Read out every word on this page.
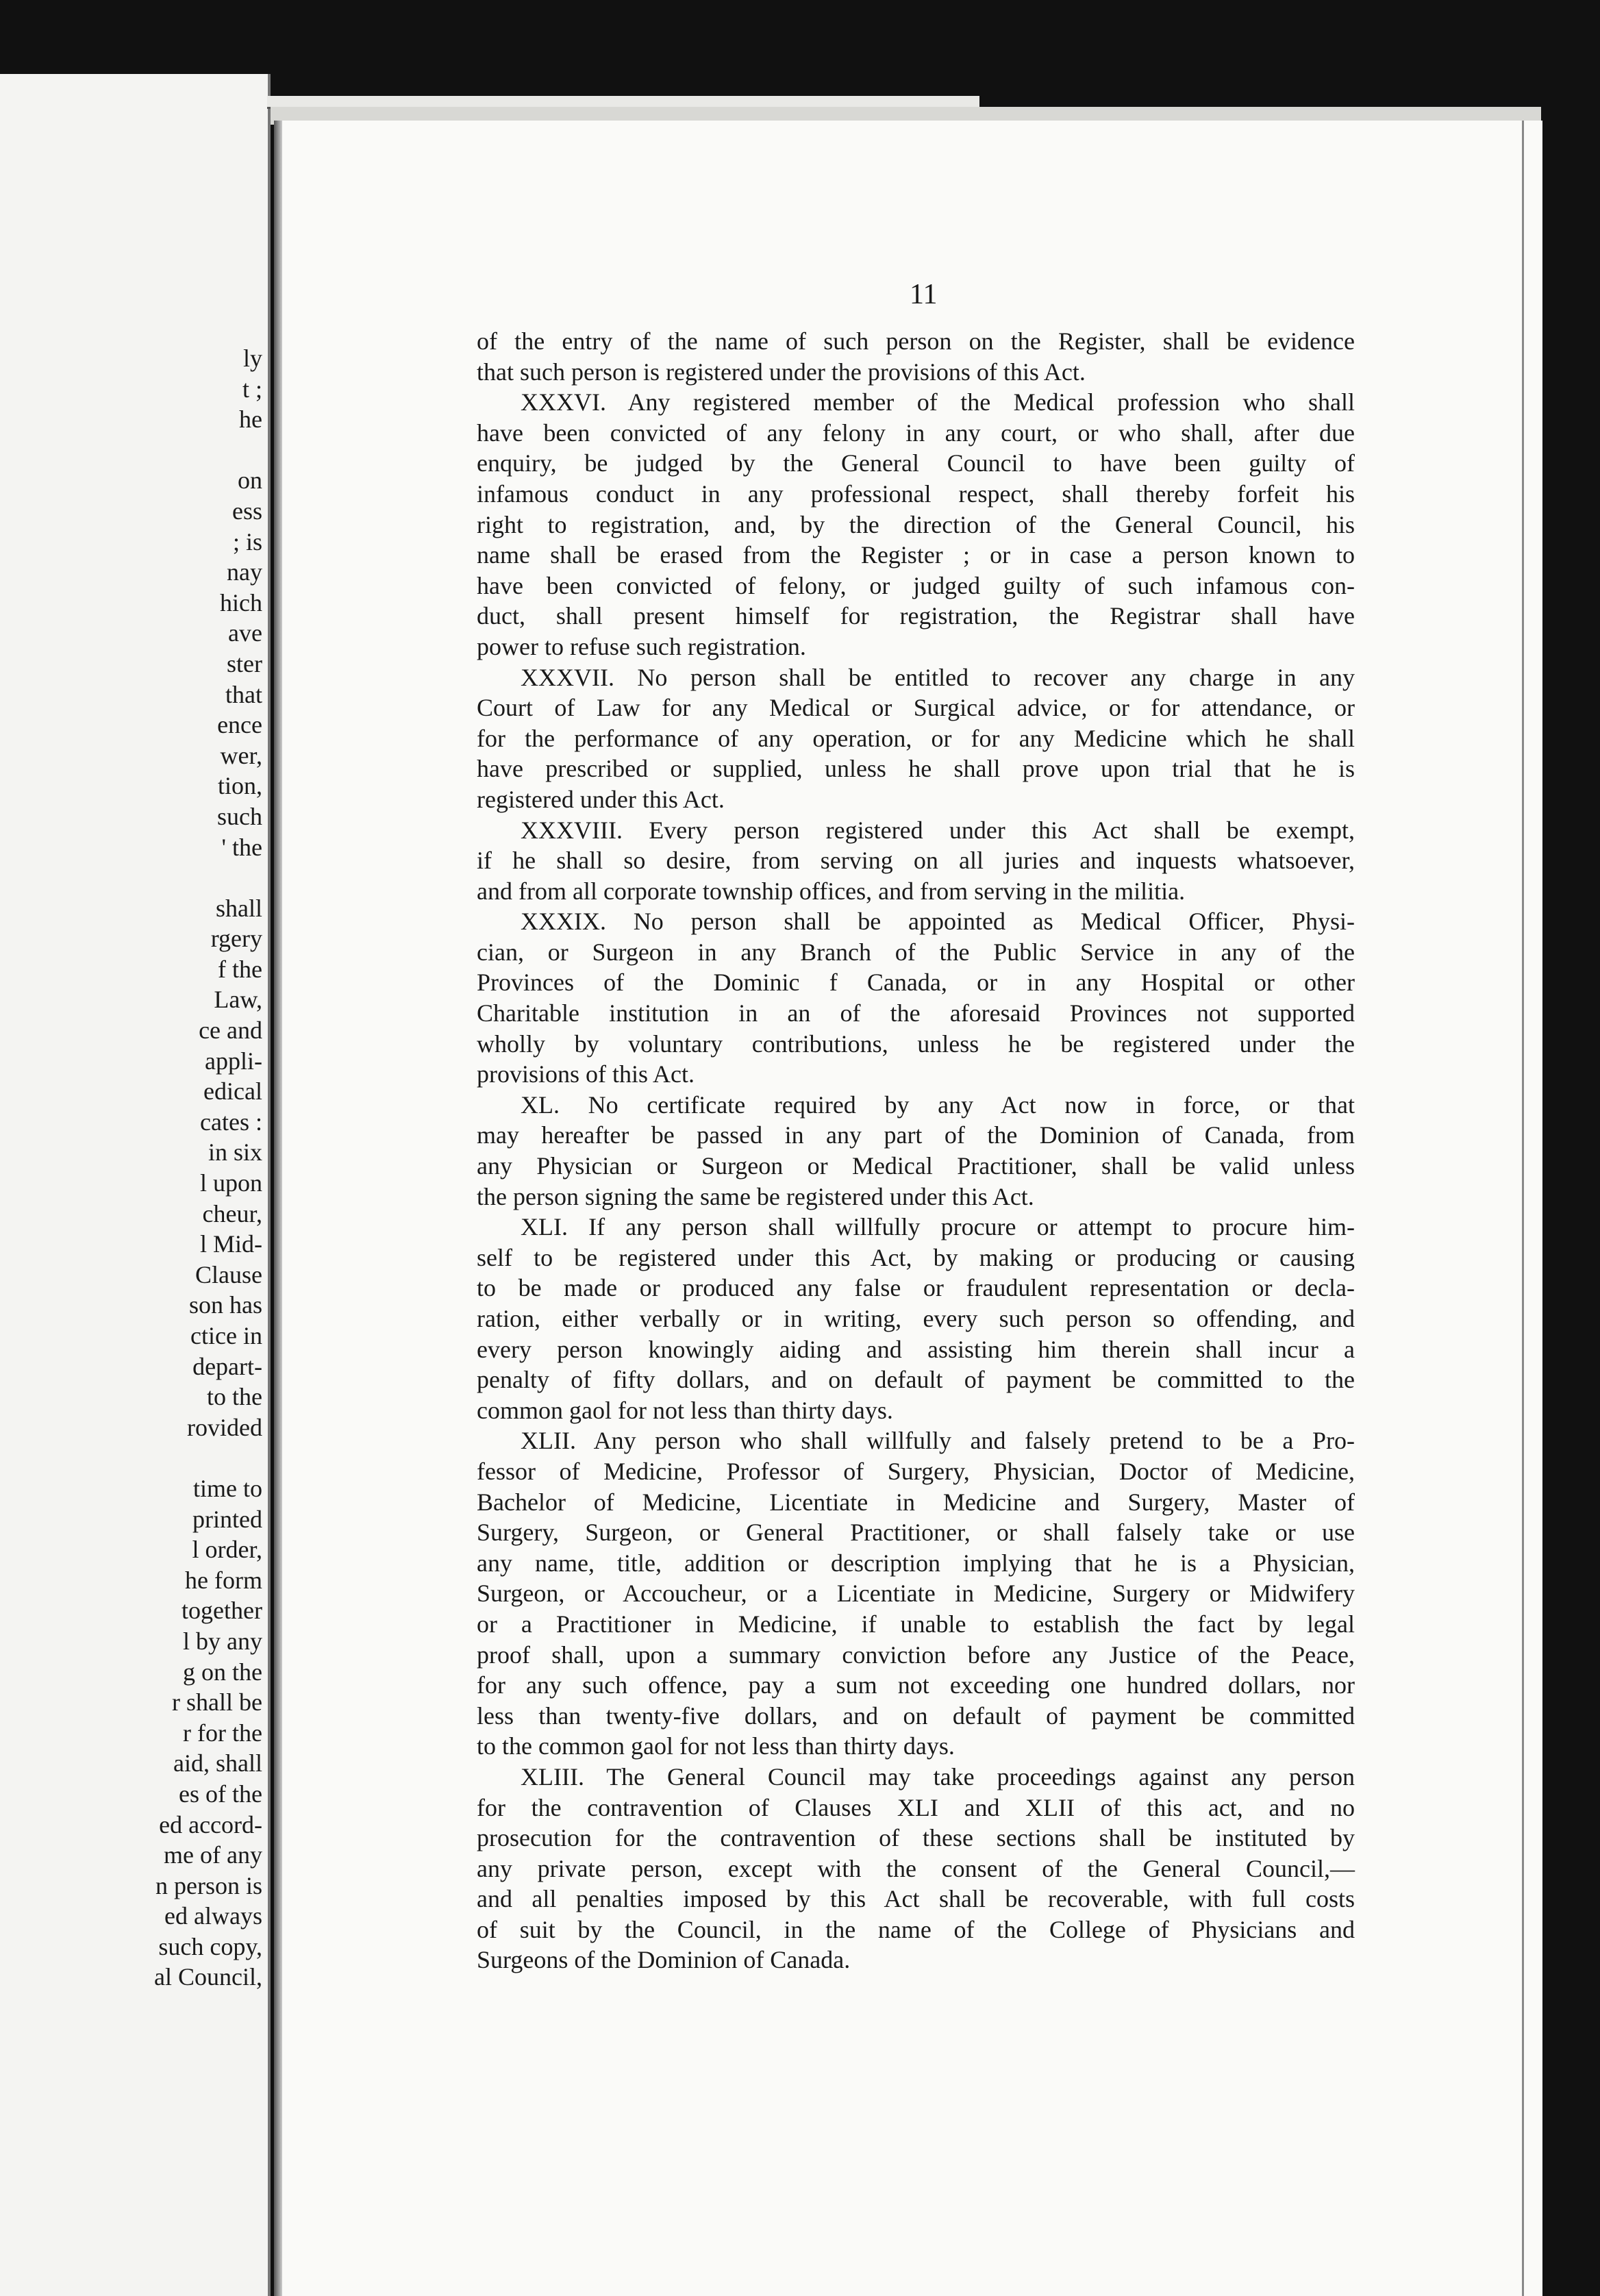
ly
t ;
he
on
ess
; is
nay
hich
ave
ster
that
ence
wer,
tion,
such
' the
shall
rgery
f the
Law,
ce and
appli-
edical
cates :
in six
l upon
cheur,
l Mid-
Clause
son has
ctice in
depart-
to the
rovided
time to
printed
l order,
he form
together
l by any
g on the
r shall be
r for the
aid, shall
es of the
ed accord-
me of any
n person is
ed always
such copy,
al Council,
11

of the entry of the name of such person on the Register, shall be evidence

that such person is registered under the provisions of this Act.

XXXVI. Any registered member of the Medical profession who shall

have been convicted of any felony in any court, or who shall, after due

enquiry, be judged by the General Council to have been guilty of

infamous conduct in any professional respect, shall thereby forfeit his

right to registration, and, by the direction of the General Council, his

name shall be erased from the Register ; or in case a person known to

have been convicted of felony, or judged guilty of such infamous con-

duct, shall present himself for registration, the Registrar shall have

power to refuse such registration.

XXXVII. No person shall be entitled to recover any charge in any

Court of Law for any Medical or Surgical advice, or for attendance, or

for the performance of any operation, or for any Medicine which he shall

have prescribed or supplied, unless he shall prove upon trial that he is

registered under this Act.

XXXVIII. Every person registered under this Act shall be exempt,

if he shall so desire, from serving on all juries and inquests whatsoever,

and from all corporate township offices, and from serving in the militia.

XXXIX. No person shall be appointed as Medical Officer, Physi-

cian, or Surgeon in any Branch of the Public Service in any of the

Provinces of the Dominic f Canada, or in any Hospital or other

Charitable institution in an of the aforesaid Provinces not supported

wholly by voluntary contributions, unless he be registered under the

provisions of this Act.

XL. No certificate required by any Act now in force, or that

may hereafter be passed in any part of the Dominion of Canada, from

any Physician or Surgeon or Medical Practitioner, shall be valid unless

the person signing the same be registered under this Act.

XLI. If any person shall willfully procure or attempt to procure him-

self to be registered under this Act, by making or producing or causing

to be made or produced any false or fraudulent representation or decla-

ration, either verbally or in writing, every such person so offending, and

every person knowingly aiding and assisting him therein shall incur a

penalty of fifty dollars, and on default of payment be committed to the

common gaol for not less than thirty days.

XLII. Any person who shall willfully and falsely pretend to be a Pro-

fessor of Medicine, Professor of Surgery, Physician, Doctor of Medicine,

Bachelor of Medicine, Licentiate in Medicine and Surgery, Master of

Surgery, Surgeon, or General Practitioner, or shall falsely take or use

any name, title, addition or description implying that he is a Physician,

Surgeon, or Accoucheur, or a Licentiate in Medicine, Surgery or Midwifery

or a Practitioner in Medicine, if unable to establish the fact by legal

proof shall, upon a summary conviction before any Justice of the Peace,

for any such offence, pay a sum not exceeding one hundred dollars, nor

less than twenty-five dollars, and on default of payment be committed

to the common gaol for not less than thirty days.

XLIII. The General Council may take proceedings against any person

for the contravention of Clauses XLI and XLII of this act, and no

prosecution for the contravention of these sections shall be instituted by

any private person, except with the consent of the General Council,—

and all penalties imposed by this Act shall be recoverable, with full costs

of suit by the Council, in the name of the College of Physicians and

Surgeons of the Dominion of Canada.
